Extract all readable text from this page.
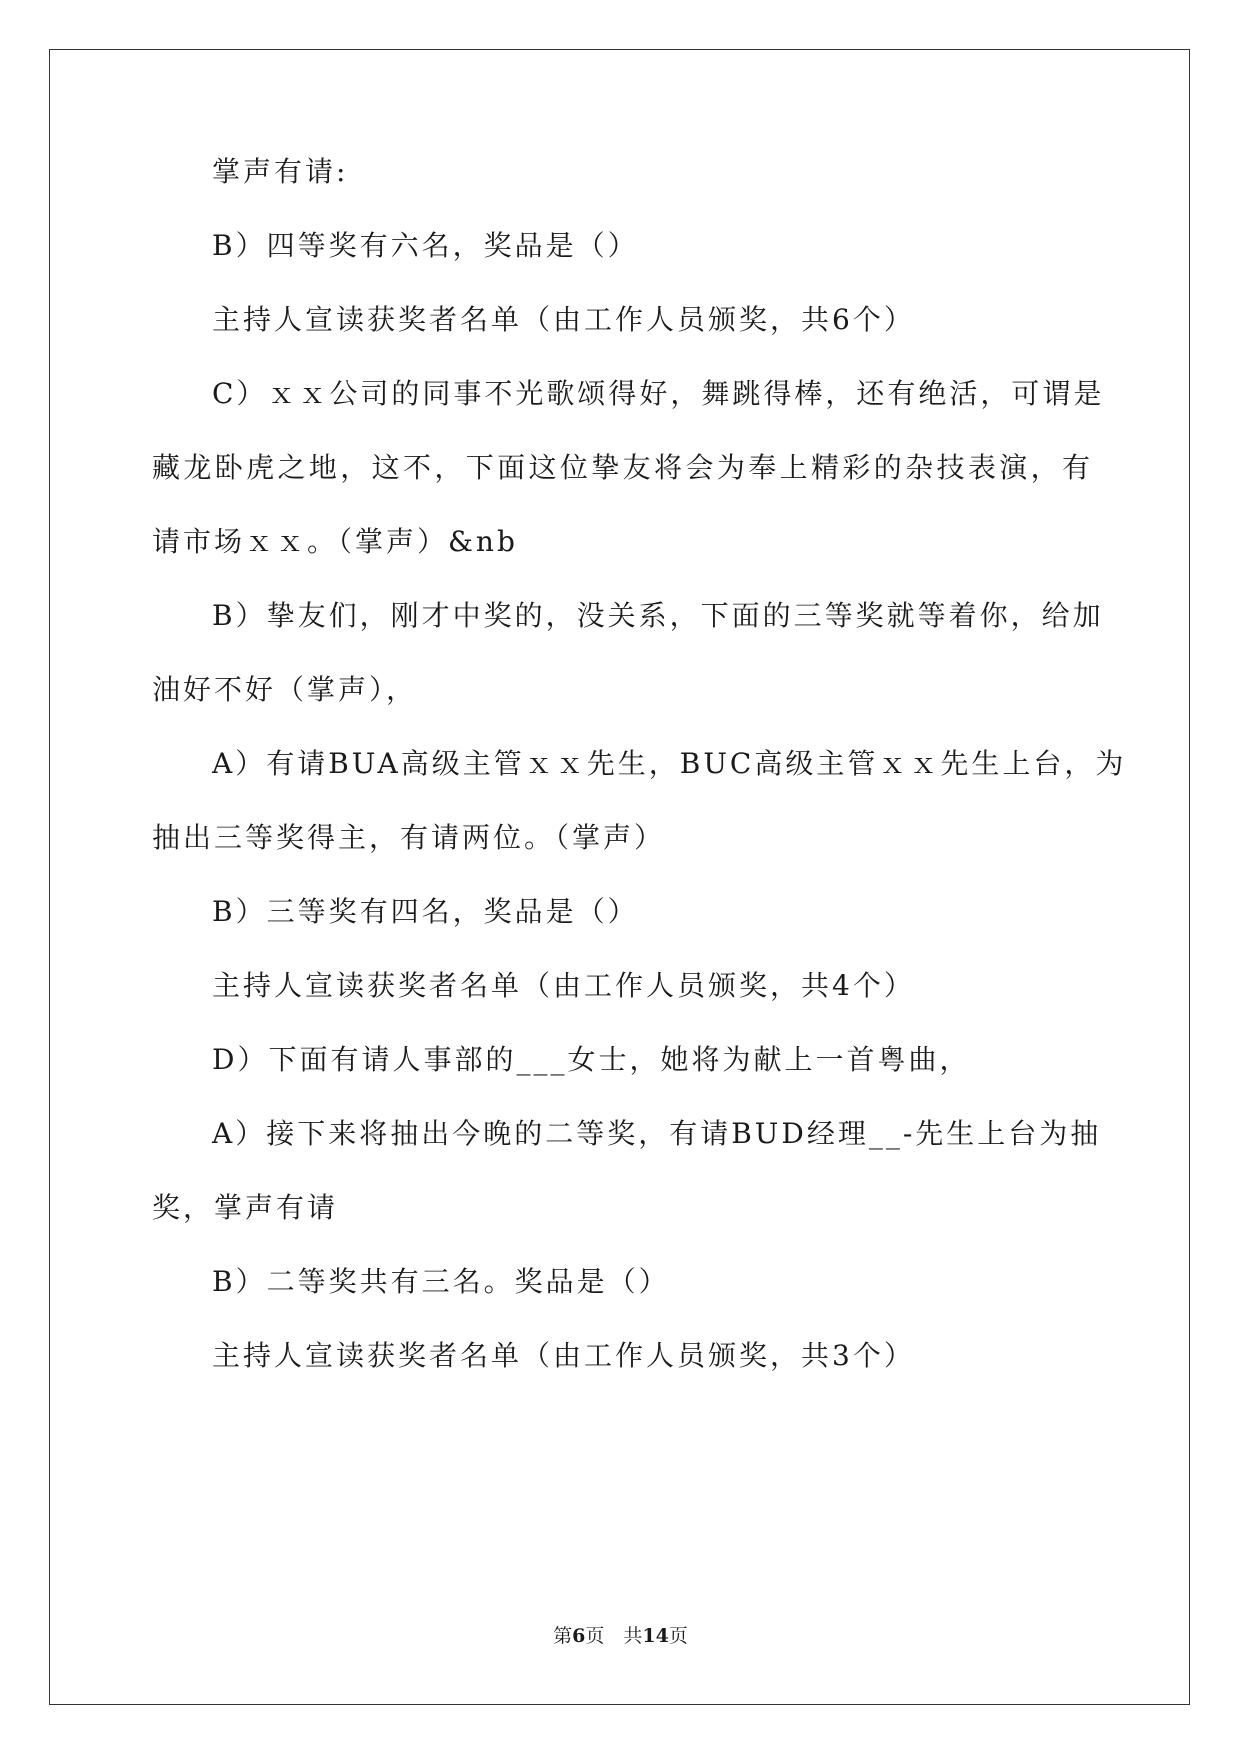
掌声有请:
B）四等奖有六名，奖品是（）
主持人宣读获奖者名单（由工作人员颁奖，共6个）
C）ｘｘ公司的同事不光歌颂得好，舞跳得棒，还有绝活，可谓是
藏龙卧虎之地，这不，下面这位挚友将会为奉上精彩的杂技表演，有
请市场ｘｘ。（掌声）&nb
B）挚友们，刚才中奖的，没关系，下面的三等奖就等着你，给加
油好不好（掌声），
A）有请BUA高级主管ｘｘ先生，BUC高级主管ｘｘ先生上台，为
抽出三等奖得主，有请两位。（掌声）
B）三等奖有四名，奖品是（）
主持人宣读获奖者名单（由工作人员颁奖，共4个）
D）下面有请人事部的___女士，她将为献上一首粤曲，
A）接下来将抽出今晚的二等奖，有请BUD经理__-先生上台为抽
奖，掌声有请
B）二等奖共有三名。奖品是（）
主持人宣读获奖者名单（由工作人员颁奖，共3个）
第6页　共14页
